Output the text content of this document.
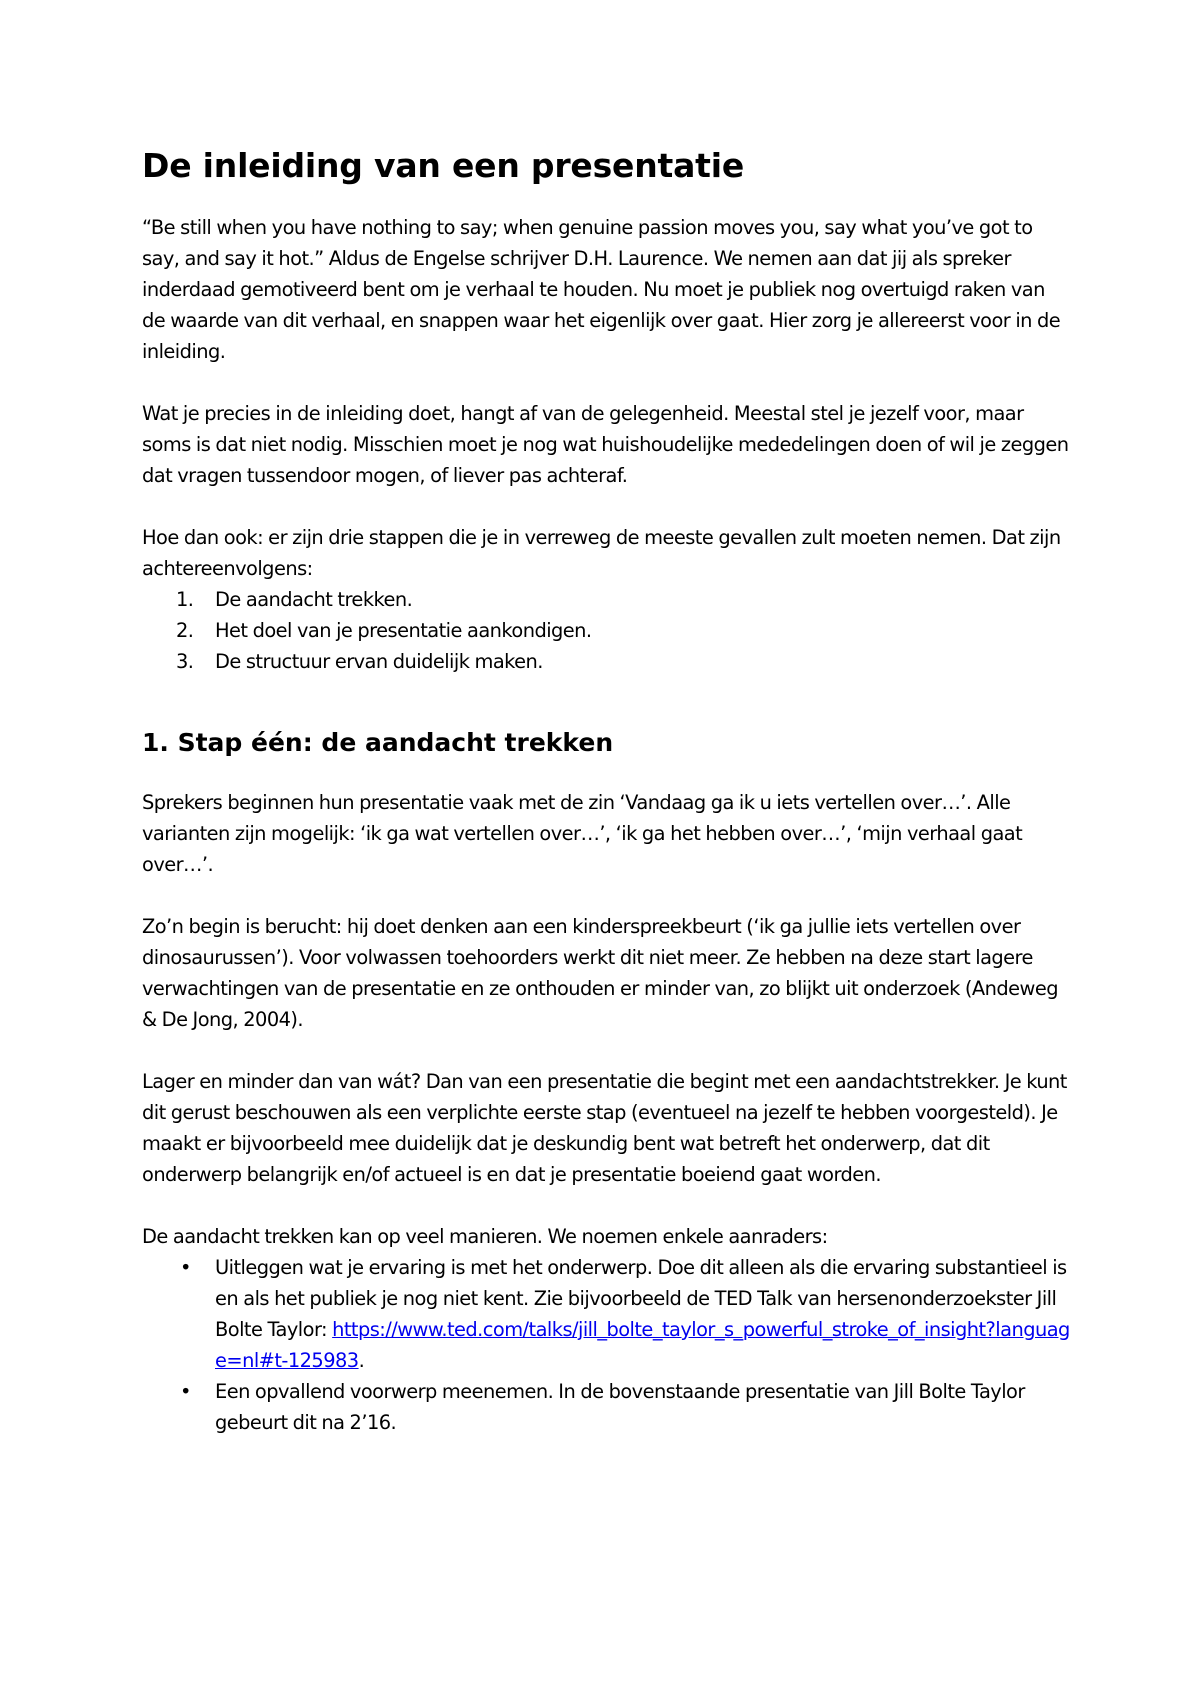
De inleiding van een presentatie

“Be still when you have nothing to say; when genuine passion moves you, say what you’ve got to say, and say it hot.” Aldus de Engelse schrijver D.H. Laurence. We nemen aan dat jij als spreker inderdaad gemotiveerd bent om je verhaal te houden. Nu moet je publiek nog overtuigd raken van de waarde van dit verhaal, en snappen waar het eigenlijk over gaat. Hier zorg je allereerst voor in de inleiding.

Wat je precies in de inleiding doet, hangt af van de gelegenheid. Meestal stel je jezelf voor, maar soms is dat niet nodig. Misschien moet je nog wat huishoudelijke mededelingen doen of wil je zeggen dat vragen tussendoor mogen, of liever pas achteraf.

Hoe dan ook: er zijn drie stappen die je in verreweg de meeste gevallen zult moeten nemen. Dat zijn achtereenvolgens:

1. De aandacht trekken.
2. Het doel van je presentatie aankondigen.
3. De structuur ervan duidelijk maken.
1. Stap één: de aandacht trekken

Sprekers beginnen hun presentatie vaak met de zin ‘Vandaag ga ik u iets vertellen over…’. Alle varianten zijn mogelijk: ‘ik ga wat vertellen over…’, ‘ik ga het hebben over…’, ‘mijn verhaal gaat over…’.

Zo’n begin is berucht: hij doet denken aan een kinderspreekbeurt (‘ik ga jullie iets vertellen over dinosaurussen’). Voor volwassen toehoorders werkt dit niet meer. Ze hebben na deze start lagere verwachtingen van de presentatie en ze onthouden er minder van, zo blijkt uit onderzoek (Andeweg & De Jong, 2004).

Lager en minder dan van wát? Dan van een presentatie die begint met een aandachtstrekker. Je kunt dit gerust beschouwen als een verplichte eerste stap (eventueel na jezelf te hebben voorgesteld). Je maakt er bijvoorbeeld mee duidelijk dat je deskundig bent wat betreft het onderwerp, dat dit onderwerp belangrijk en/of actueel is en dat je presentatie boeiend gaat worden.

De aandacht trekken kan op veel manieren. We noemen enkele aanraders:

• Uitleggen wat je ervaring is met het onderwerp. Doe dit alleen als die ervaring substantieel is en als het publiek je nog niet kent. Zie bijvoorbeeld de TED Talk van hersenonderzoekster Jill Bolte Taylor: https://www.ted.com/talks/jill_bolte_taylor_s_powerful_stroke_of_insight?language=nl#t-125983.
• Een opvallend voorwerp meenemen. In de bovenstaande presentatie van Jill Bolte Taylor gebeurt dit na 2’16.
